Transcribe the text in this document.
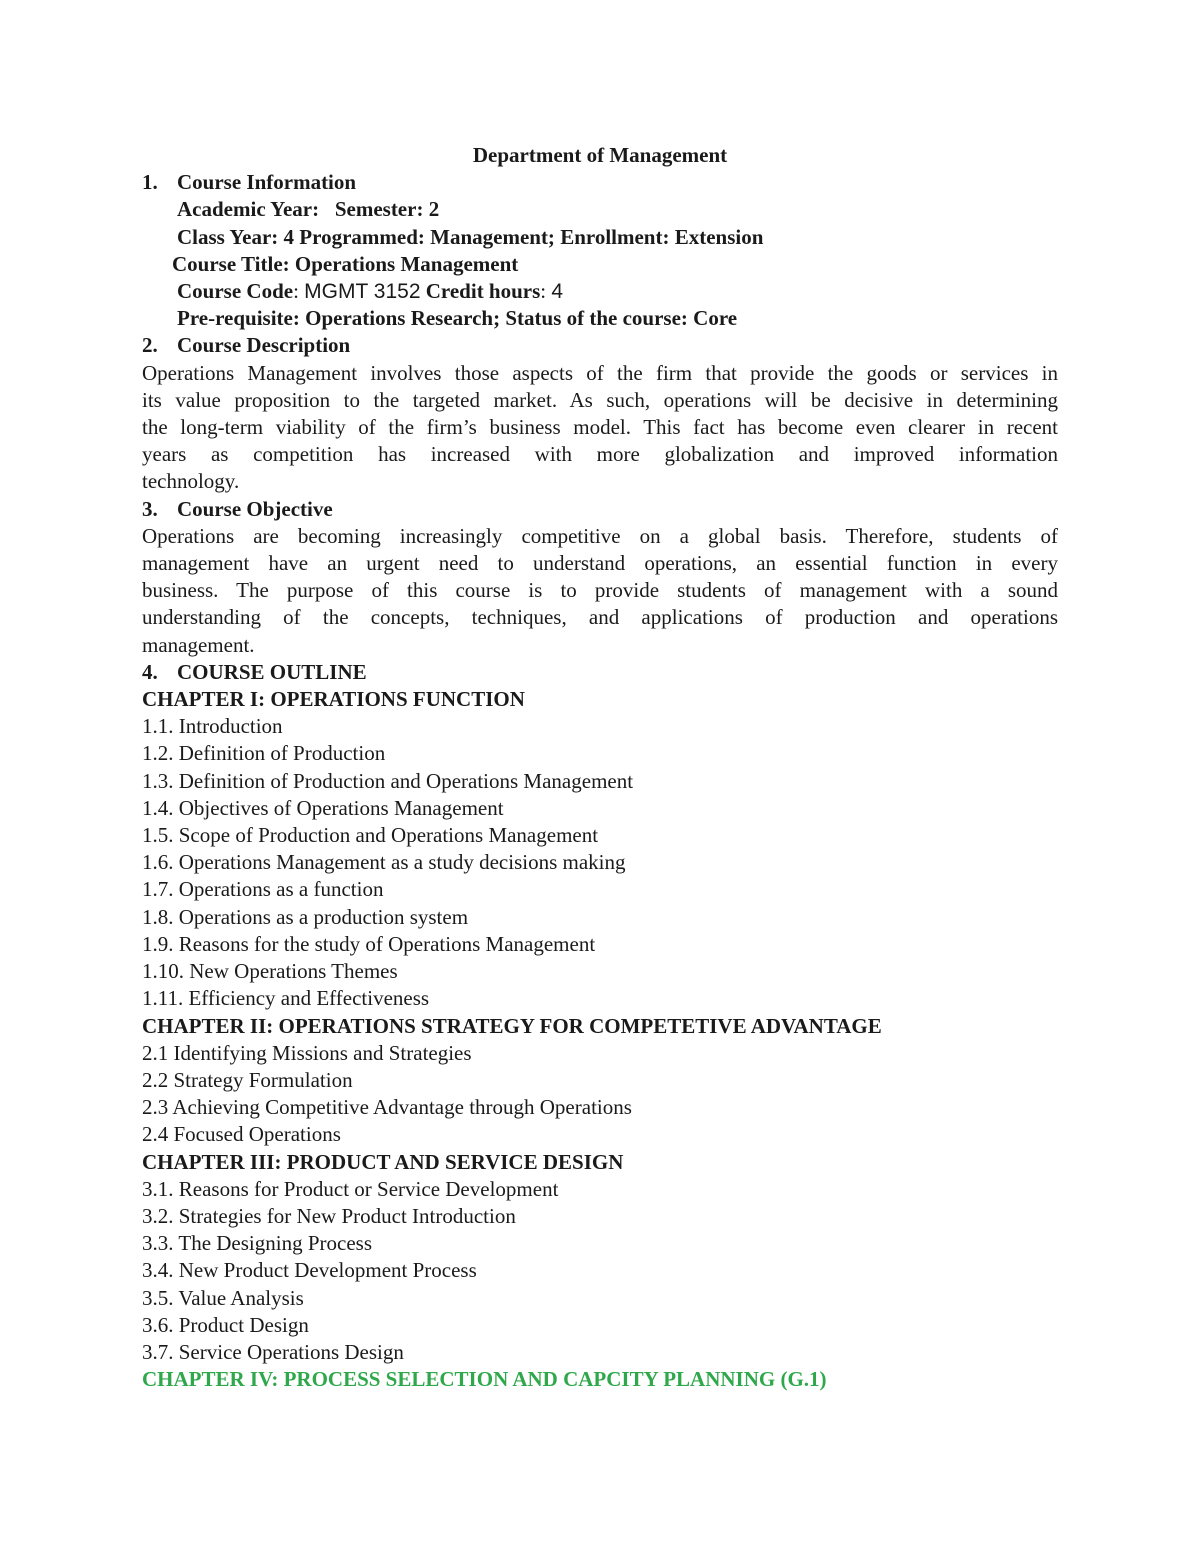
Department of Management
1. Course Information
Academic Year: Semester: 2
Class Year: 4 Programmed: Management; Enrollment: Extension
Course Title: Operations Management
Course Code: MGMT 3152 Credit hours: 4
Pre-requisite: Operations Research; Status of the course: Core
2. Course Description
Operations Management involves those aspects of the firm that provide the goods or services in
its value proposition to the targeted market. As such, operations will be decisive in determining
the long-term viability of the firm’s business model. This fact has become even clearer in recent
years as competition has increased with more globalization and improved information
technology.
3. Course Objective
Operations are becoming increasingly competitive on a global basis. Therefore, students of
management have an urgent need to understand operations, an essential function in every
business. The purpose of this course is to provide students of management with a sound
understanding of the concepts, techniques, and applications of production and operations
management.
4. COURSE OUTLINE
CHAPTER I: OPERATIONS FUNCTION
1.1. Introduction
1.2. Definition of Production
1.3. Definition of Production and Operations Management
1.4. Objectives of Operations Management
1.5. Scope of Production and Operations Management
1.6. Operations Management as a study decisions making
1.7. Operations as a function
1.8. Operations as a production system
1.9. Reasons for the study of Operations Management
1.10. New Operations Themes
1.11. Efficiency and Effectiveness
CHAPTER II: OPERATIONS STRATEGY FOR COMPETETIVE ADVANTAGE
2.1 Identifying Missions and Strategies
2.2 Strategy Formulation
2.3 Achieving Competitive Advantage through Operations
2.4 Focused Operations
CHAPTER III: PRODUCT AND SERVICE DESIGN
3.1. Reasons for Product or Service Development
3.2. Strategies for New Product Introduction
3.3. The Designing Process
3.4. New Product Development Process
3.5. Value Analysis
3.6. Product Design
3.7. Service Operations Design
CHAPTER IV: PROCESS SELECTION AND CAPCITY PLANNING (G.1)
